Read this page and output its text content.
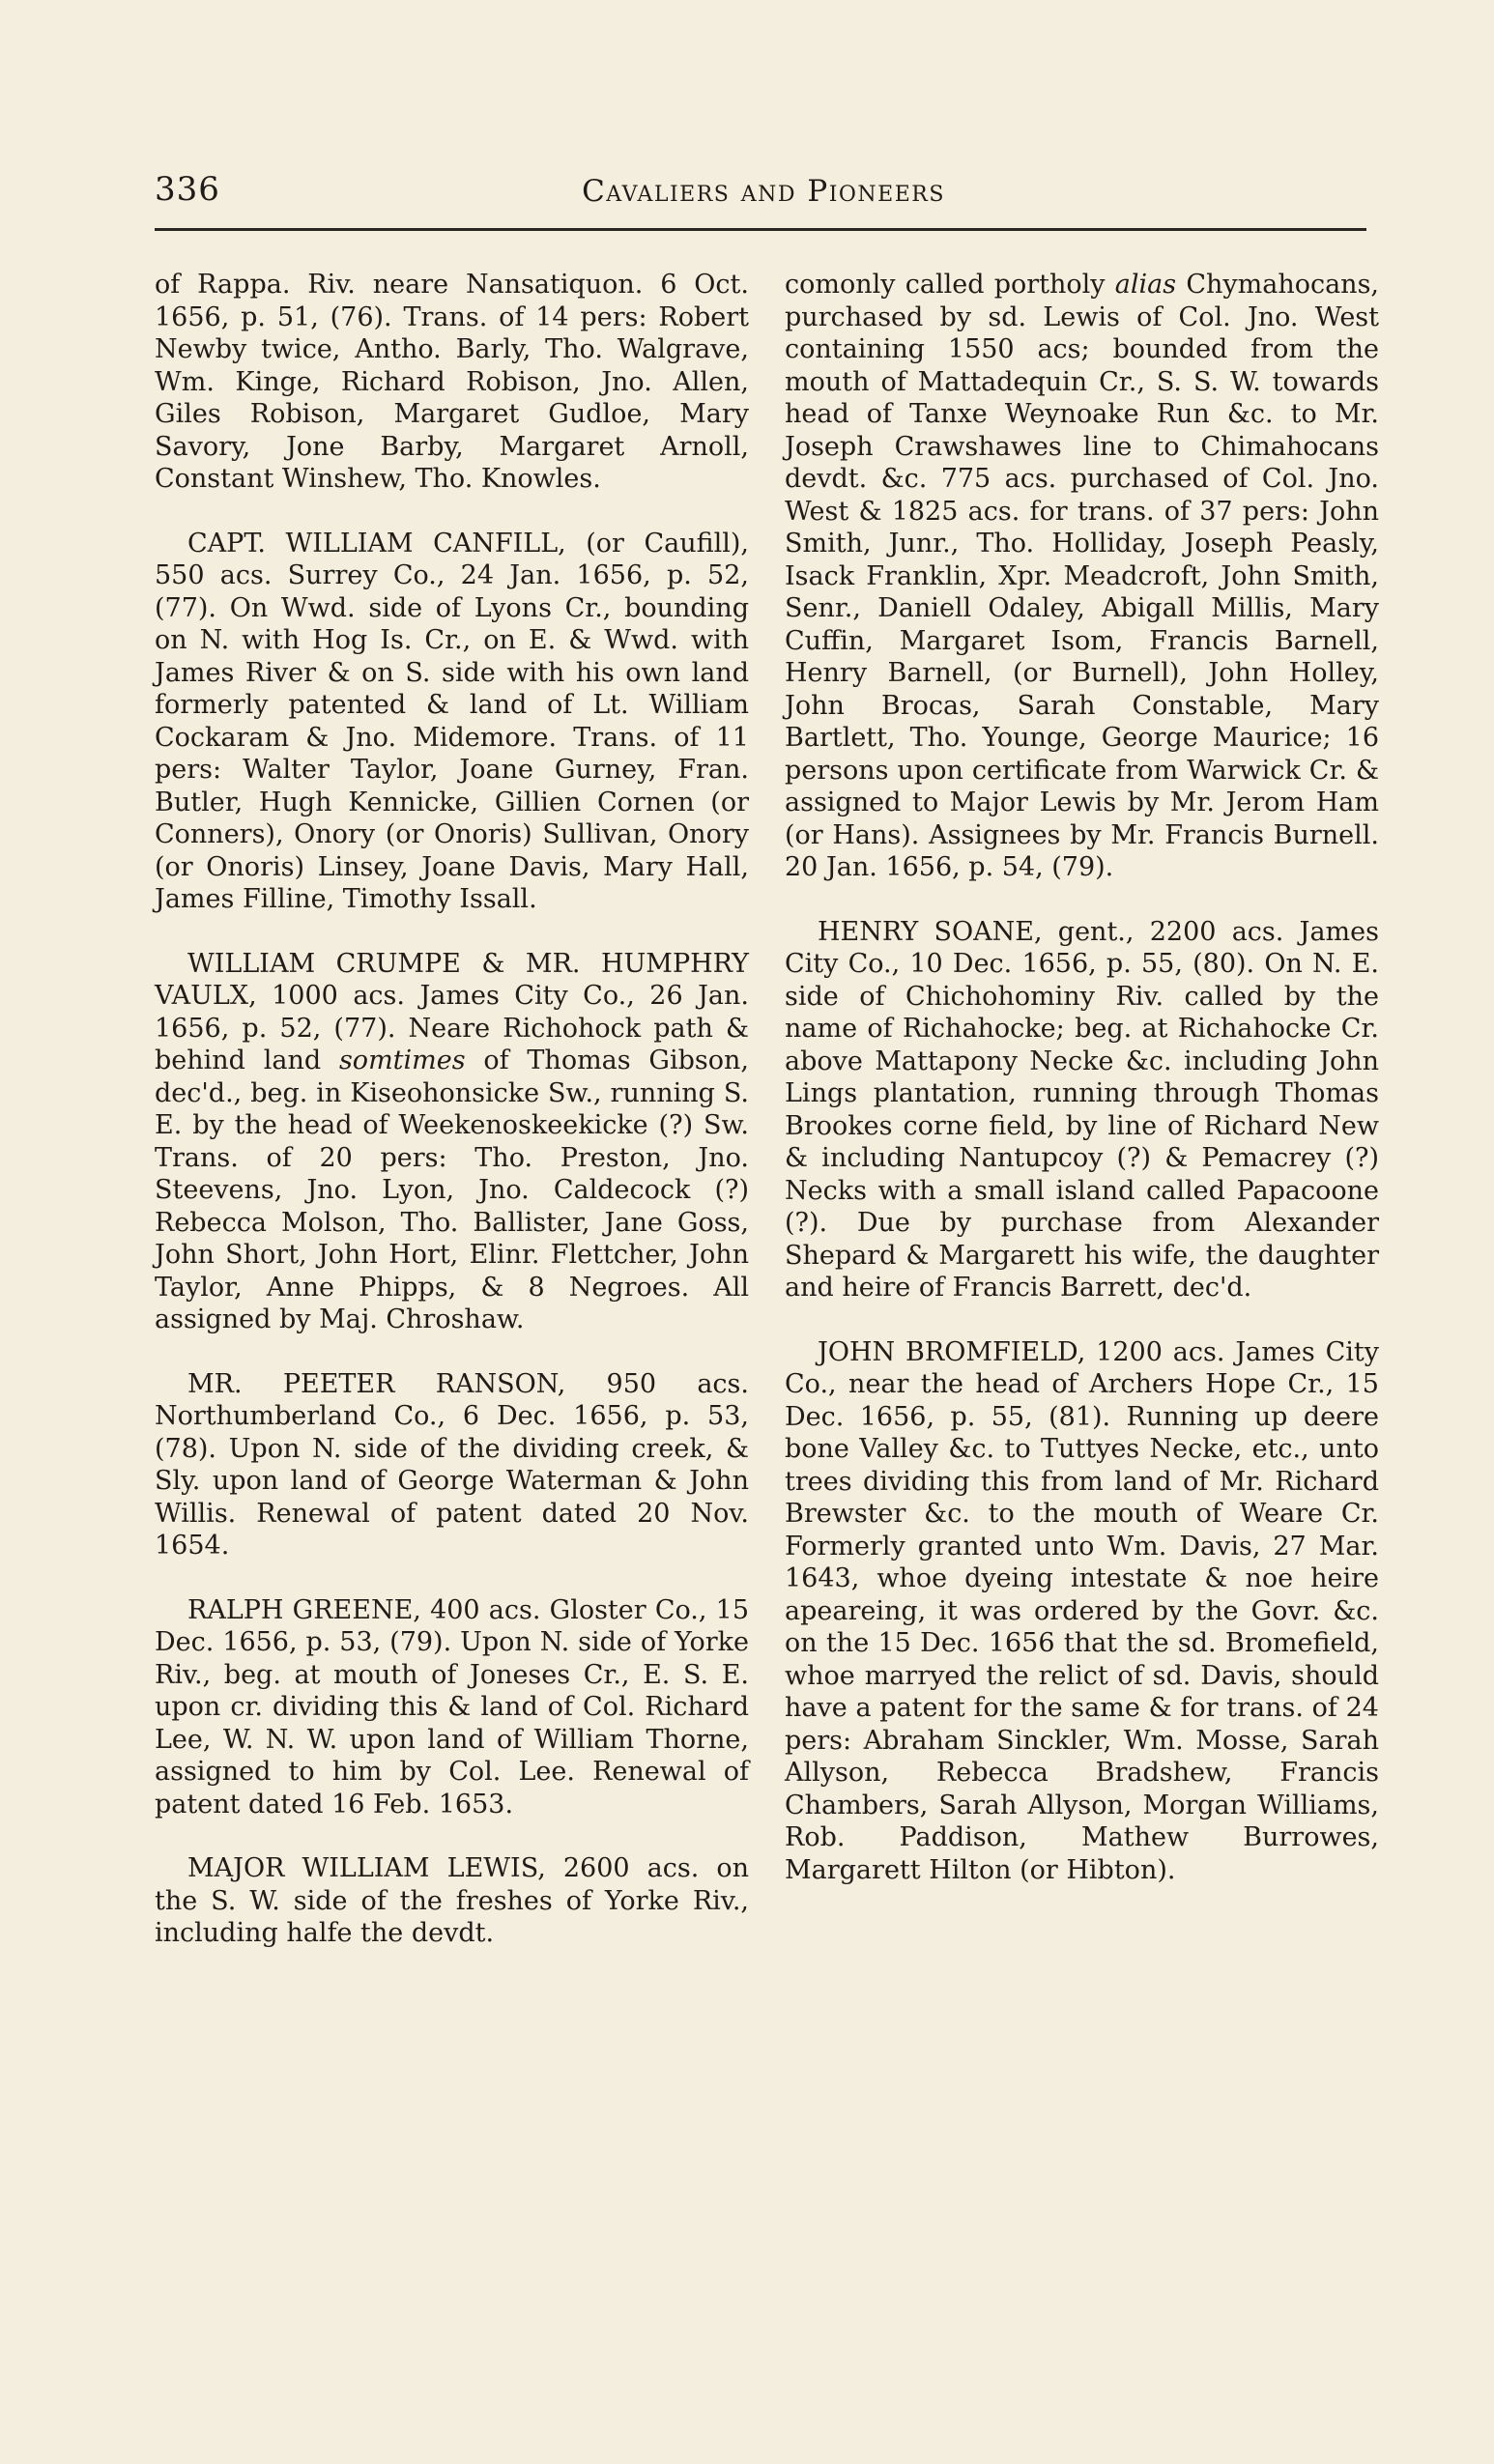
336	Cavaliers and Pioneers

of Rappa. Riv. neare Nansatiquon. 6 Oct. 1656, p. 51, (76). Trans. of 14 pers: Robert Newby twice, Antho. Barly, Tho. Walgrave, Wm. Kinge, Richard Robison, Jno. Allen, Giles Robison, Margaret Gudloe, Mary Savory, Jone Barby, Margaret Arnoll, Constant Winshew, Tho. Knowles.

CAPT. WILLIAM CANFILL, (or Caufill), 550 acs. Surrey Co., 24 Jan. 1656, p. 52, (77). On Wwd. side of Lyons Cr., bounding on N. with Hog Is. Cr., on E. & Wwd. with James River & on S. side with his own land formerly patented & land of Lt. William Cockaram & Jno. Midemore. Trans. of 11 pers: Walter Taylor, Joane Gurney, Fran. Butler, Hugh Kennicke, Gillien Cornen (or Conners), Onory (or Onoris) Sullivan, Onory (or Onoris) Linsey, Joane Davis, Mary Hall, James Filline, Timothy Issall.

WILLIAM CRUMPE & MR. HUMPHRY VAULX, 1000 acs. James City Co., 26 Jan. 1656, p. 52, (77). Neare Richohock path & behind land somtimes of Thomas Gibson, dec'd., beg. in Kiseohonsicke Sw., running S. E. by the head of Weekenoskeekicke (?) Sw. Trans. of 20 pers: Tho. Preston, Jno. Steevens, Jno. Lyon, Jno. Caldecock (?) Rebecca Molson, Tho. Ballister, Jane Goss, John Short, John Hort, Elinr. Flettcher, John Taylor, Anne Phipps, & 8 Negroes. All assigned by Maj. Chroshaw.

MR. PEETER RANSON, 950 acs. Northumberland Co., 6 Dec. 1656, p. 53, (78). Upon N. side of the dividing creek, & Sly. upon land of George Waterman & John Willis. Renewal of patent dated 20 Nov. 1654.

RALPH GREENE, 400 acs. Gloster Co., 15 Dec. 1656, p. 53, (79). Upon N. side of Yorke Riv., beg. at mouth of Joneses Cr., E. S. E. upon cr. dividing this & land of Col. Richard Lee, W. N. W. upon land of William Thorne, assigned to him by Col. Lee. Renewal of patent dated 16 Feb. 1653.

MAJOR WILLIAM LEWIS, 2600 acs. on the S. W. side of the freshes of Yorke Riv., including halfe the devdt.

comonly called portholy alias Chymahocans, purchased by sd. Lewis of Col. Jno. West containing 1550 acs; bounded from the mouth of Mattadequin Cr., S. S. W. towards head of Tanxe Weynoake Run &c. to Mr. Joseph Crawshawes line to Chimahocans devdt. &c. 775 acs. purchased of Col. Jno. West & 1825 acs. for trans. of 37 pers: John Smith, Junr., Tho. Holliday, Joseph Peasly, Isack Franklin, Xpr. Meadcroft, John Smith, Senr., Daniell Odaley, Abigall Millis, Mary Cuffin, Margaret Isom, Francis Barnell, Henry Barnell, (or Burnell), John Holley, John Brocas, Sarah Constable, Mary Bartlett, Tho. Younge, George Maurice; 16 persons upon certificate from Warwick Cr. & assigned to Major Lewis by Mr. Jerom Ham (or Hans). Assignees by Mr. Francis Burnell. 20 Jan. 1656, p. 54, (79).

HENRY SOANE, gent., 2200 acs. James City Co., 10 Dec. 1656, p. 55, (80). On N. E. side of Chichohominy Riv. called by the name of Richahocke; beg. at Richahocke Cr. above Mattapony Necke &c. including John Lings plantation, running through Thomas Brookes corne field, by line of Richard New & including Nantupcoy (?) & Pemacrey (?) Necks with a small island called Papacoone (?). Due by purchase from Alexander Shepard & Margarett his wife, the daughter and heire of Francis Barrett, dec'd.

JOHN BROMFIELD, 1200 acs. James City Co., near the head of Archers Hope Cr., 15 Dec. 1656, p. 55, (81). Running up deere bone Valley &c. to Tuttyes Necke, etc., unto trees dividing this from land of Mr. Richard Brewster &c. to the mouth of Weare Cr. Formerly granted unto Wm. Davis, 27 Mar. 1643, whoe dyeing intestate & noe heire apeareing, it was ordered by the Govr. &c. on the 15 Dec. 1656 that the sd. Bromefield, whoe marryed the relict of sd. Davis, should have a patent for the same & for trans. of 24 pers: Abraham Sinckler, Wm. Mosse, Sarah Allyson, Rebecca Bradshew, Francis Chambers, Sarah Allyson, Morgan Williams, Rob. Paddison, Mathew Burrowes, Margarett Hilton (or Hibton).
